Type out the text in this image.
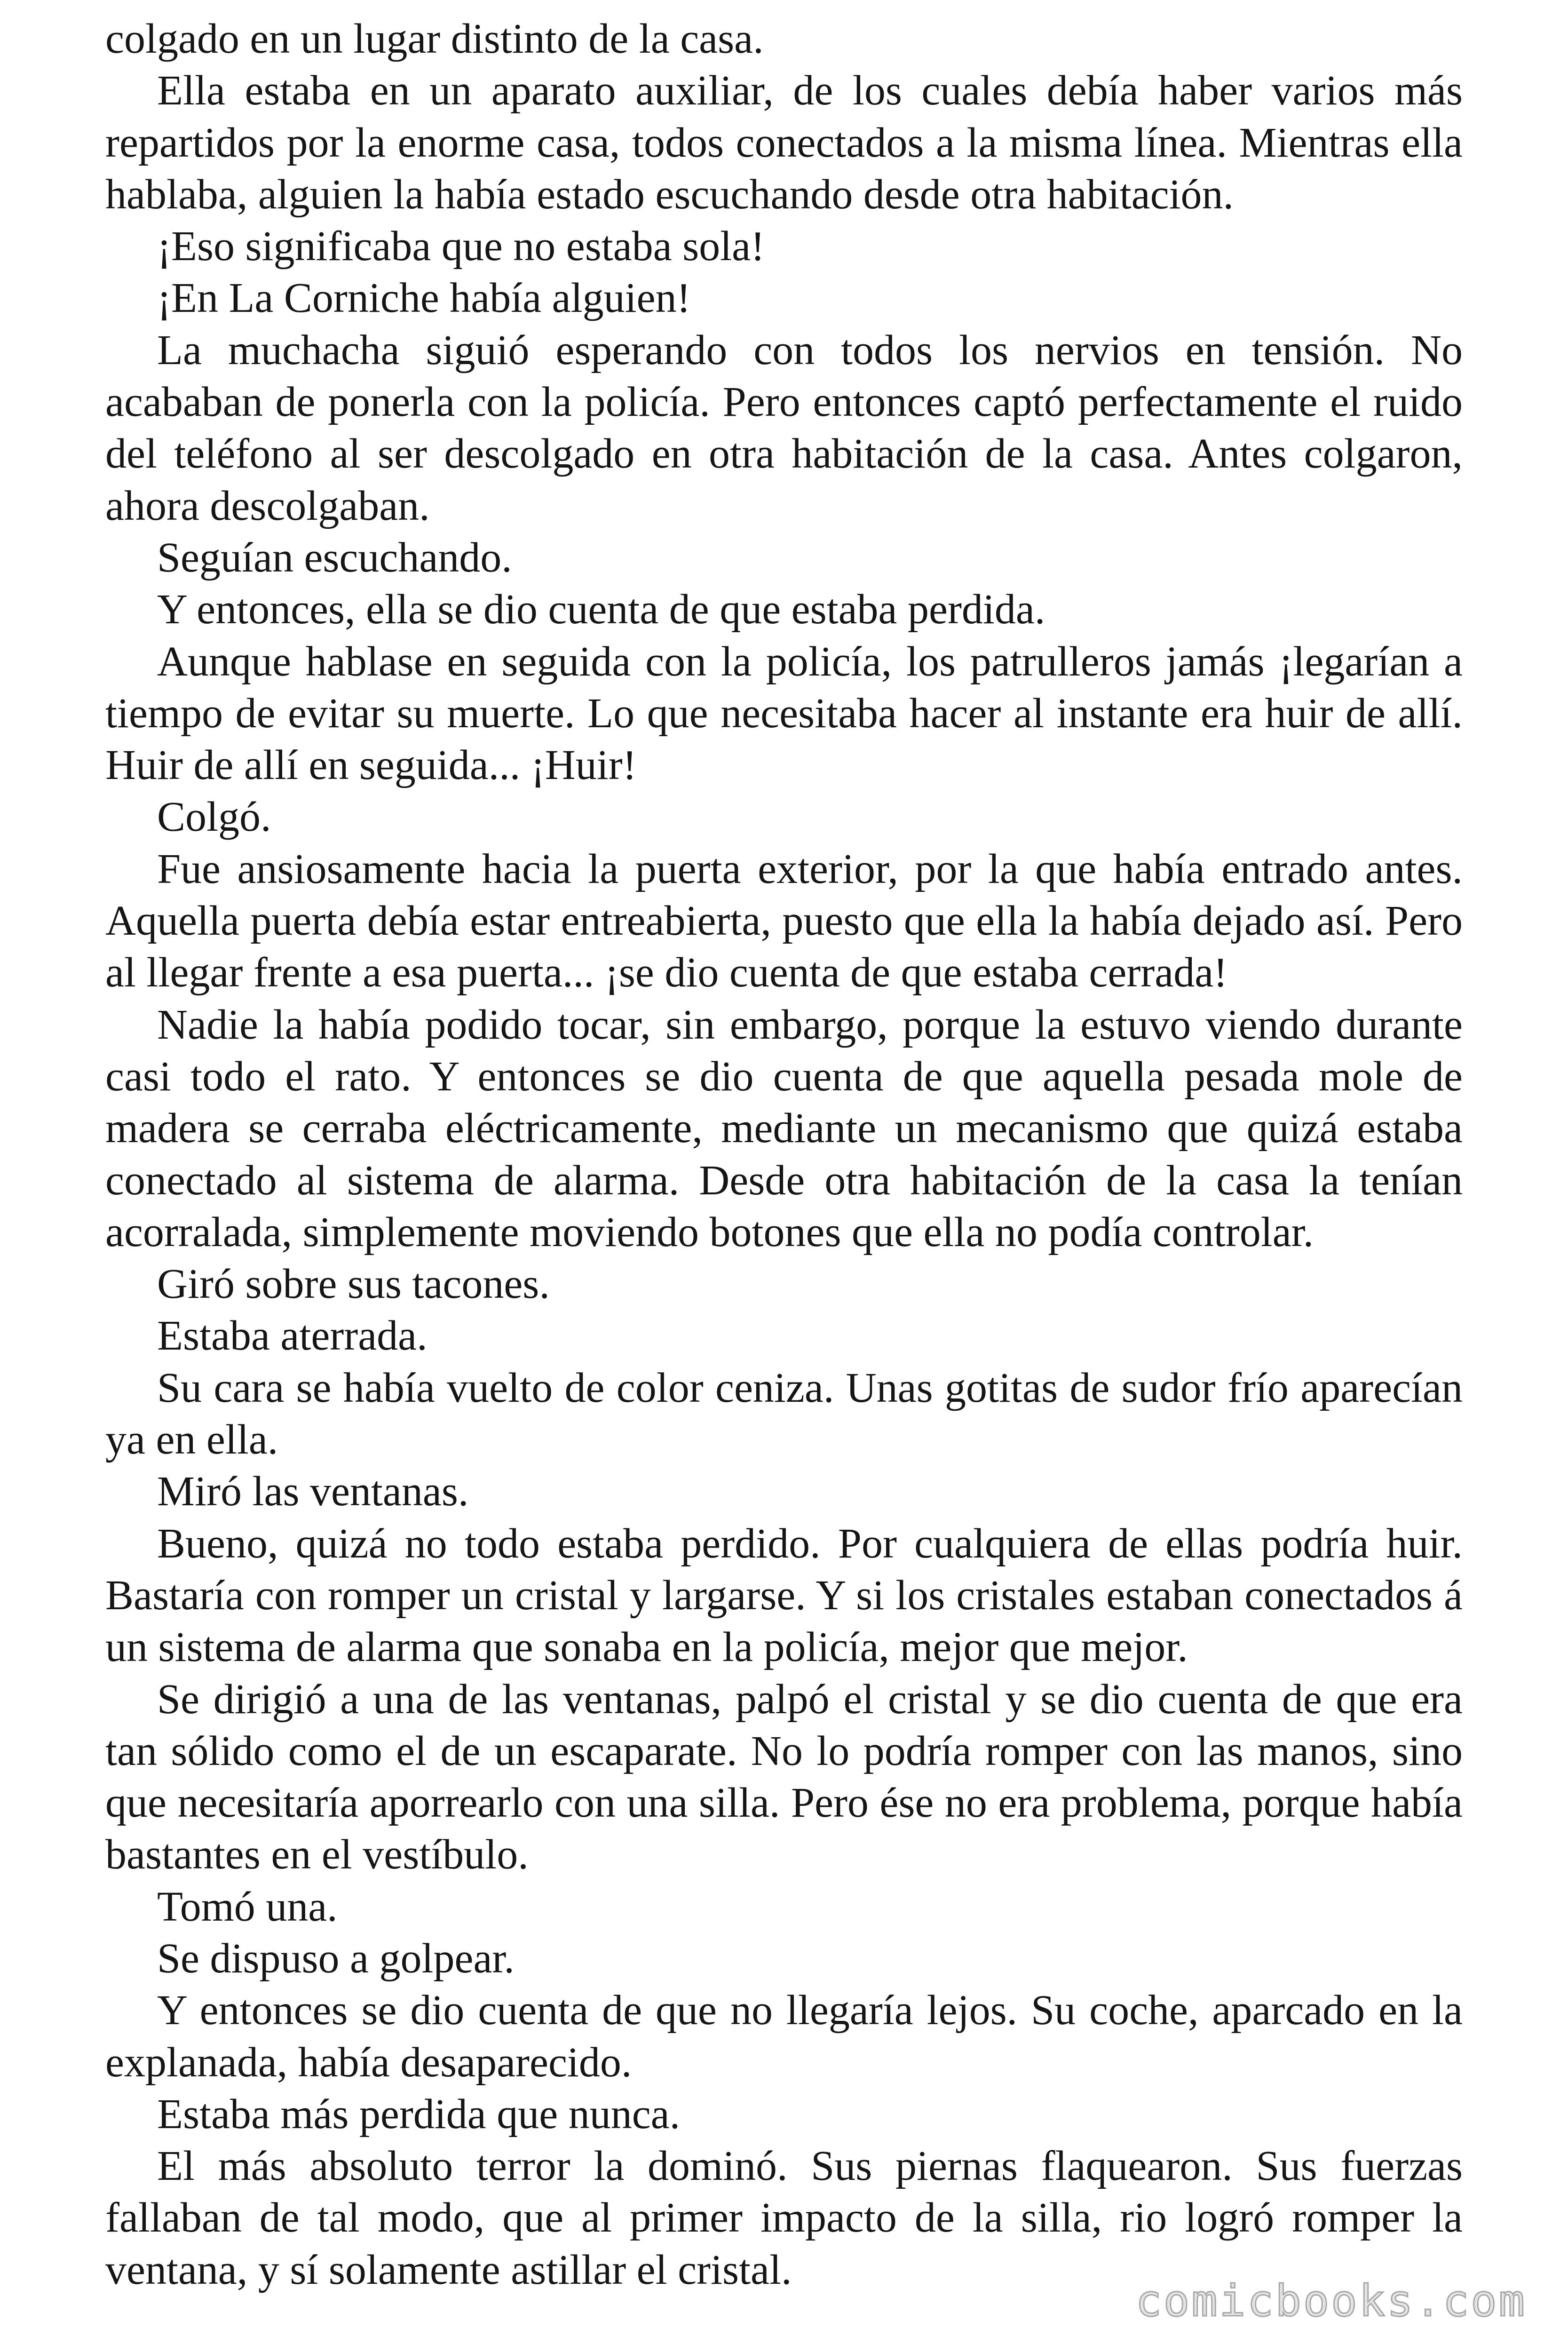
colgado en un lugar distinto de la casa.

Ella estaba en un aparato auxiliar, de los cuales debía haber varios más repartidos por la enorme casa, todos conectados a la misma línea. Mientras ella hablaba, alguien la había estado escuchando desde otra habitación.

¡Eso significaba que no estaba sola!

¡En La Corniche había alguien!

La muchacha siguió esperando con todos los nervios en tensión. No acababan de ponerla con la policía. Pero entonces captó perfectamente el ruido del teléfono al ser descolgado en otra habitación de la casa. Antes colgaron, ahora descolgaban.

Seguían escuchando.

Y entonces, ella se dio cuenta de que estaba perdida.

Aunque hablase en seguida con la policía, los patrulleros jamás ¡legarían a tiempo de evitar su muerte. Lo que necesitaba hacer al instante era huir de allí. Huir de allí en seguida... ¡Huir!

Colgó.

Fue ansiosamente hacia la puerta exterior, por la que había entrado antes. Aquella puerta debía estar entreabierta, puesto que ella la había dejado así. Pero al llegar frente a esa puerta... ¡se dio cuenta de que estaba cerrada!

Nadie la había podido tocar, sin embargo, porque la estuvo viendo durante casi todo el rato. Y entonces se dio cuenta de que aquella pesada mole de madera se cerraba eléctricamente, mediante un mecanismo que quizá estaba conectado al sistema de alarma. Desde otra habitación de la casa la tenían acorralada, simplemente moviendo botones que ella no podía controlar.

Giró sobre sus tacones.

Estaba aterrada.

Su cara se había vuelto de color ceniza. Unas gotitas de sudor frío aparecían ya en ella.

Miró las ventanas.

Bueno, quizá no todo estaba perdido. Por cualquiera de ellas podría huir. Bastaría con romper un cristal y largarse. Y si los cristales estaban conectados á un sistema de alarma que sonaba en la policía, mejor que mejor.

Se dirigió a una de las ventanas, palpó el cristal y se dio cuenta de que era tan sólido como el de un escaparate. No lo podría romper con las manos, sino que necesitaría aporrearlo con una silla. Pero ése no era problema, porque había bastantes en el vestíbulo.

Tomó una.

Se dispuso a golpear.

Y entonces se dio cuenta de que no llegaría lejos. Su coche, aparcado en la explanada, había desaparecido.

Estaba más perdida que nunca.

El más absoluto terror la dominó. Sus piernas flaquearon. Sus fuerzas fallaban de tal modo, que al primer impacto de la silla, rio logró romper la ventana, y sí solamente astillar el cristal.

comicbooks.com
